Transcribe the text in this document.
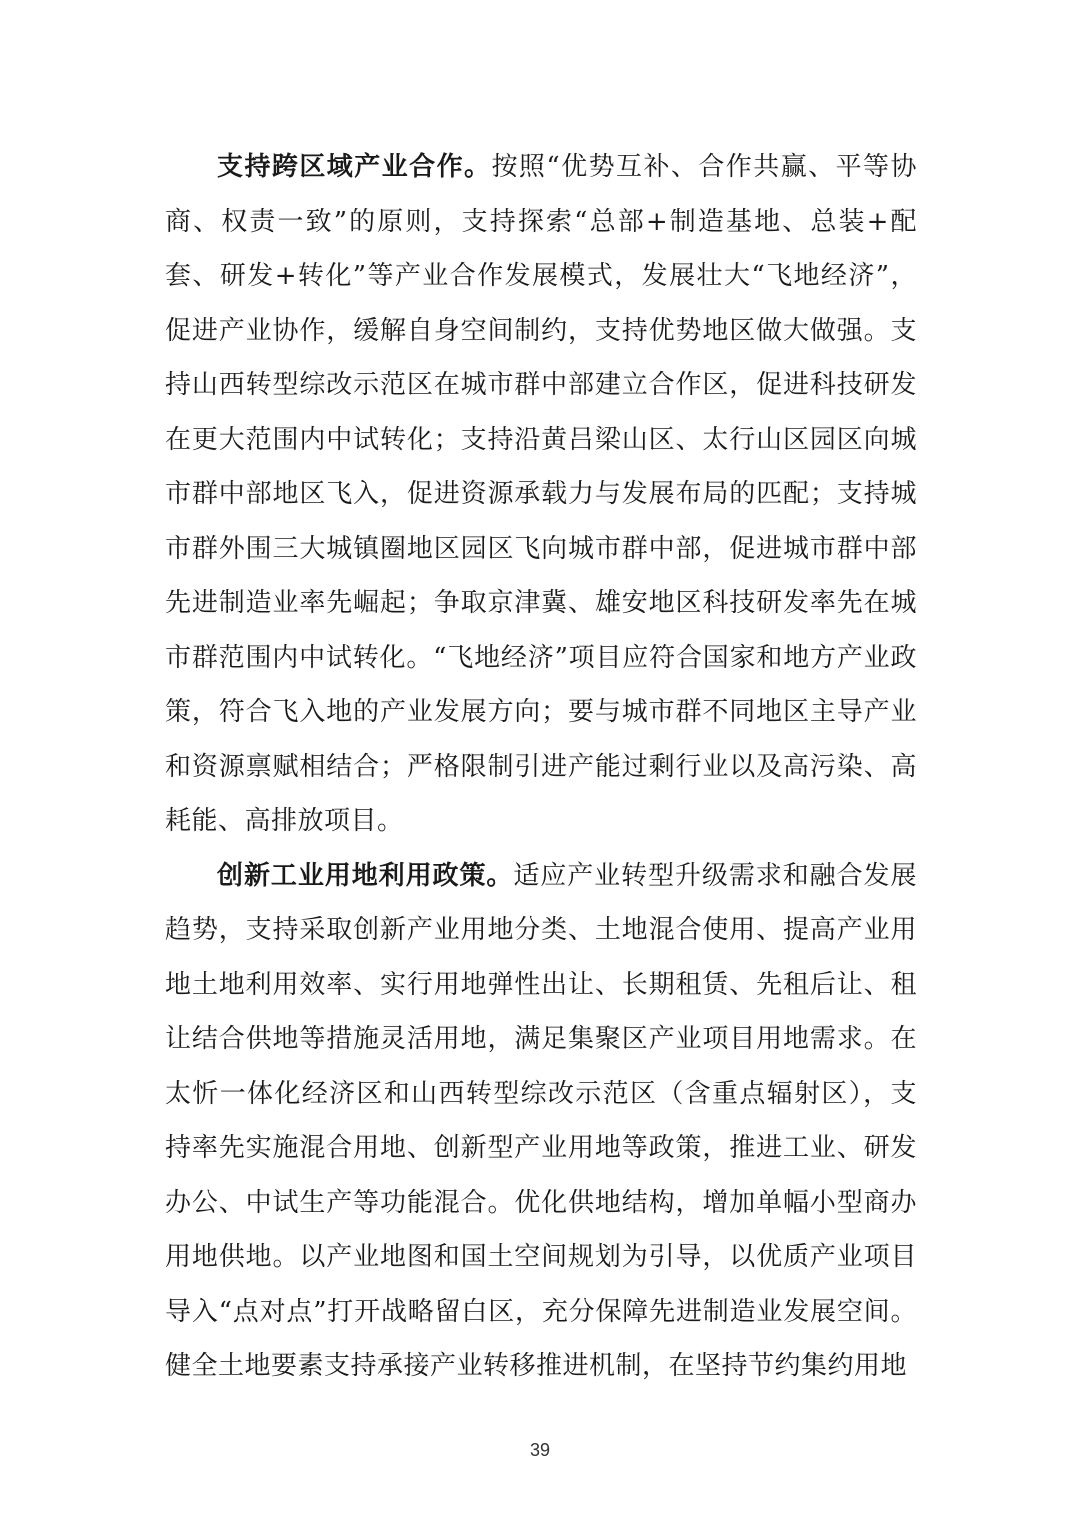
支持跨区域产业合作。按照“优势互补、合作共赢、平等协商、权责一致”的原则，支持探索“总部+制造基地、总装+配套、研发+转化”等产业合作发展模式，发展壮大“飞地经济”，促进产业协作，缓解自身空间制约，支持优势地区做大做强。支持山西转型综改示范区在城市群中部建立合作区，促进科技研发在更大范围内中试转化；支持沿黄吕梁山区、太行山区园区向城市群中部地区飞入，促进资源承载力与发展布局的匹配；支持城市群外围三大城镇圈地区园区飞向城市群中部，促进城市群中部先进制造业率先崛起；争取京津冀、雄安地区科技研发率先在城市群范围内中试转化。“飞地经济”项目应符合国家和地方产业政策，符合飞入地的产业发展方向；要与城市群不同地区主导产业和资源禀赋相结合；严格限制引进产能过剩行业以及高污染、高耗能、高排放项目。

创新工业用地利用政策。适应产业转型升级需求和融合发展趋势，支持采取创新产业用地分类、土地混合使用、提高产业用地土地利用效率、实行用地弹性出让、长期租赁、先租后让、租让结合供地等措施灵活用地，满足集聚区产业项目用地需求。在太忻一体化经济区和山西转型综改示范区（含重点辐射区），支持率先实施混合用地、创新型产业用地等政策，推进工业、研发办公、中试生产等功能混合。优化供地结构，增加单幅小型商办用地供地。以产业地图和国土空间规划为引导，以优质产业项目导入“点对点”打开战略留白区，充分保障先进制造业发展空间。健全土地要素支持承接产业转移推进机制，在坚持节约集约用地

39
